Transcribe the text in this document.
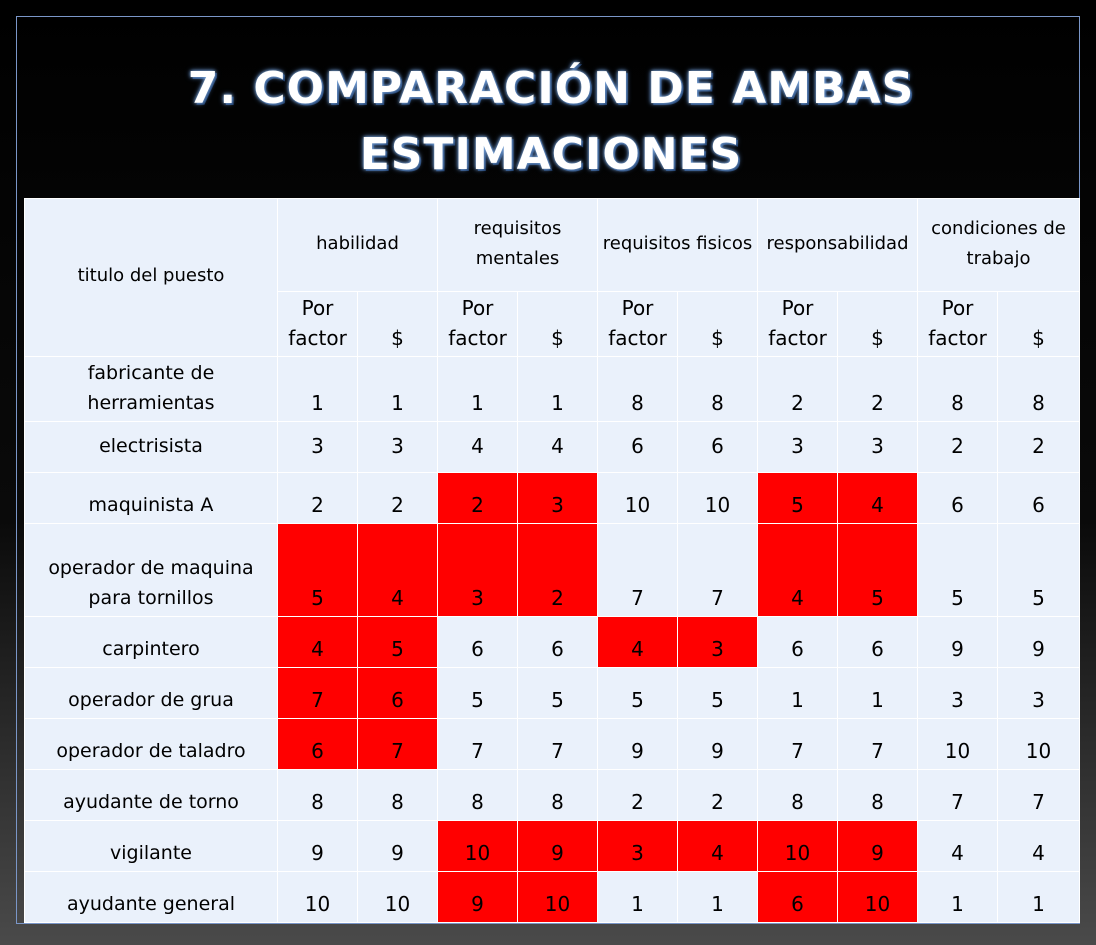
7. COMPARACIÓN DE AMBAS
ESTIMACIONES
titulo del puesto	habilidad		requisitos mentales		requisitos fisicos		responsabilidad		condiciones de trabajo	
	Por factor	$	Por factor	$	Por factor	$	Por factor	$	Por factor	$
fabricante de herramientas	1	1	1	1	8	8	2	2	8	8
electrisista	3	3	4	4	6	6	3	3	2	2
maquinista A	2	2	2	3	10	10	5	4	6	6
operador de maquina para tornillos	5	4	3	2	7	7	4	5	5	5
carpintero	4	5	6	6	4	3	6	6	9	9
operador de grua	7	6	5	5	5	5	1	1	3	3
operador de taladro	6	7	7	7	9	9	7	7	10	10
ayudante de torno	8	8	8	8	2	2	8	8	7	7
vigilante	9	9	10	9	3	4	10	9	4	4
ayudante general	10	10	9	10	1	1	6	10	1	1
